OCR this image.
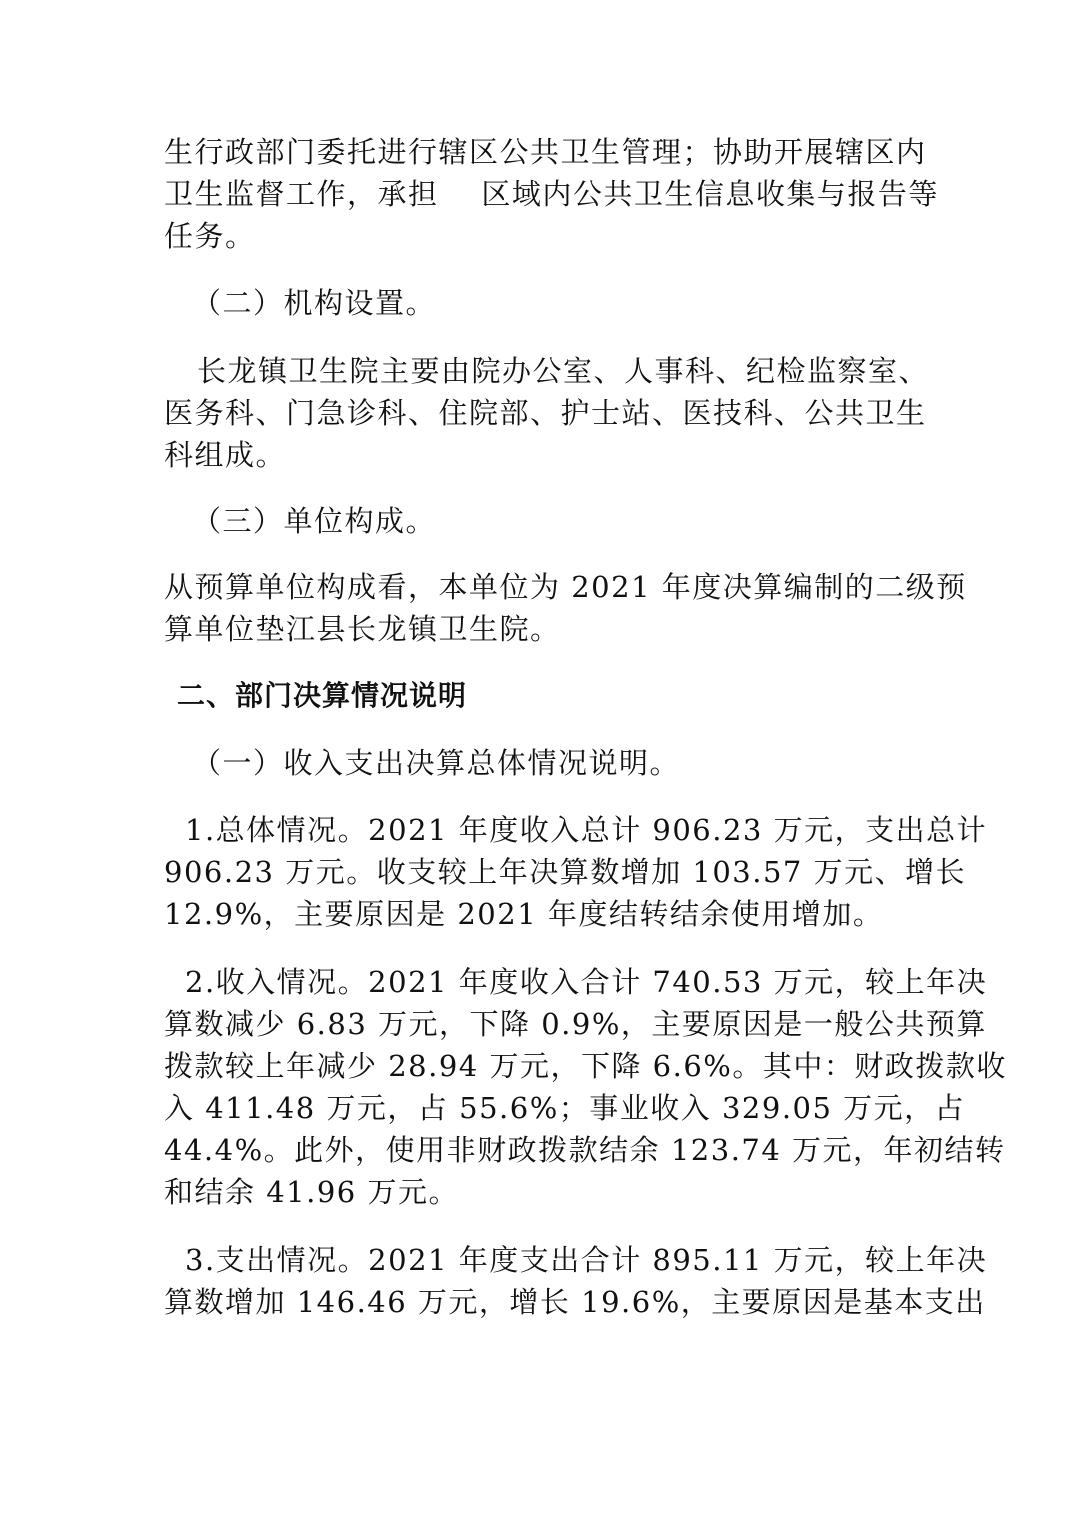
生行政部门委托进行辖区公共卫生管理；协助开展辖区内
卫生监督工作，承担    区域内公共卫生信息收集与报告等
任务。
（二）机构设置。
长龙镇卫生院主要由院办公室、人事科、纪检监察室、
医务科、门急诊科、住院部、护士站、医技科、公共卫生
科组成。
（三）单位构成。
从预算单位构成看，本单位为 2021 年度决算编制的二级预
算单位垫江县长龙镇卫生院。
二、部门决算情况说明
（一）收入支出决算总体情况说明。
1.总体情况。2021 年度收入总计 906.23 万元，支出总计
906.23 万元。收支较上年决算数增加 103.57 万元、增长
12.9%，主要原因是 2021 年度结转结余使用增加。
2.收入情况。2021 年度收入合计 740.53 万元，较上年决
算数减少 6.83 万元，下降 0.9%，主要原因是一般公共预算
拨款较上年减少 28.94 万元，下降 6.6%。其中：财政拨款收
入 411.48 万元，占 55.6%；事业收入 329.05 万元，占
44.4%。此外，使用非财政拨款结余 123.74 万元，年初结转
和结余 41.96 万元。
3.支出情况。2021 年度支出合计 895.11 万元，较上年决
算数增加 146.46 万元，增长 19.6%，主要原因是基本支出
